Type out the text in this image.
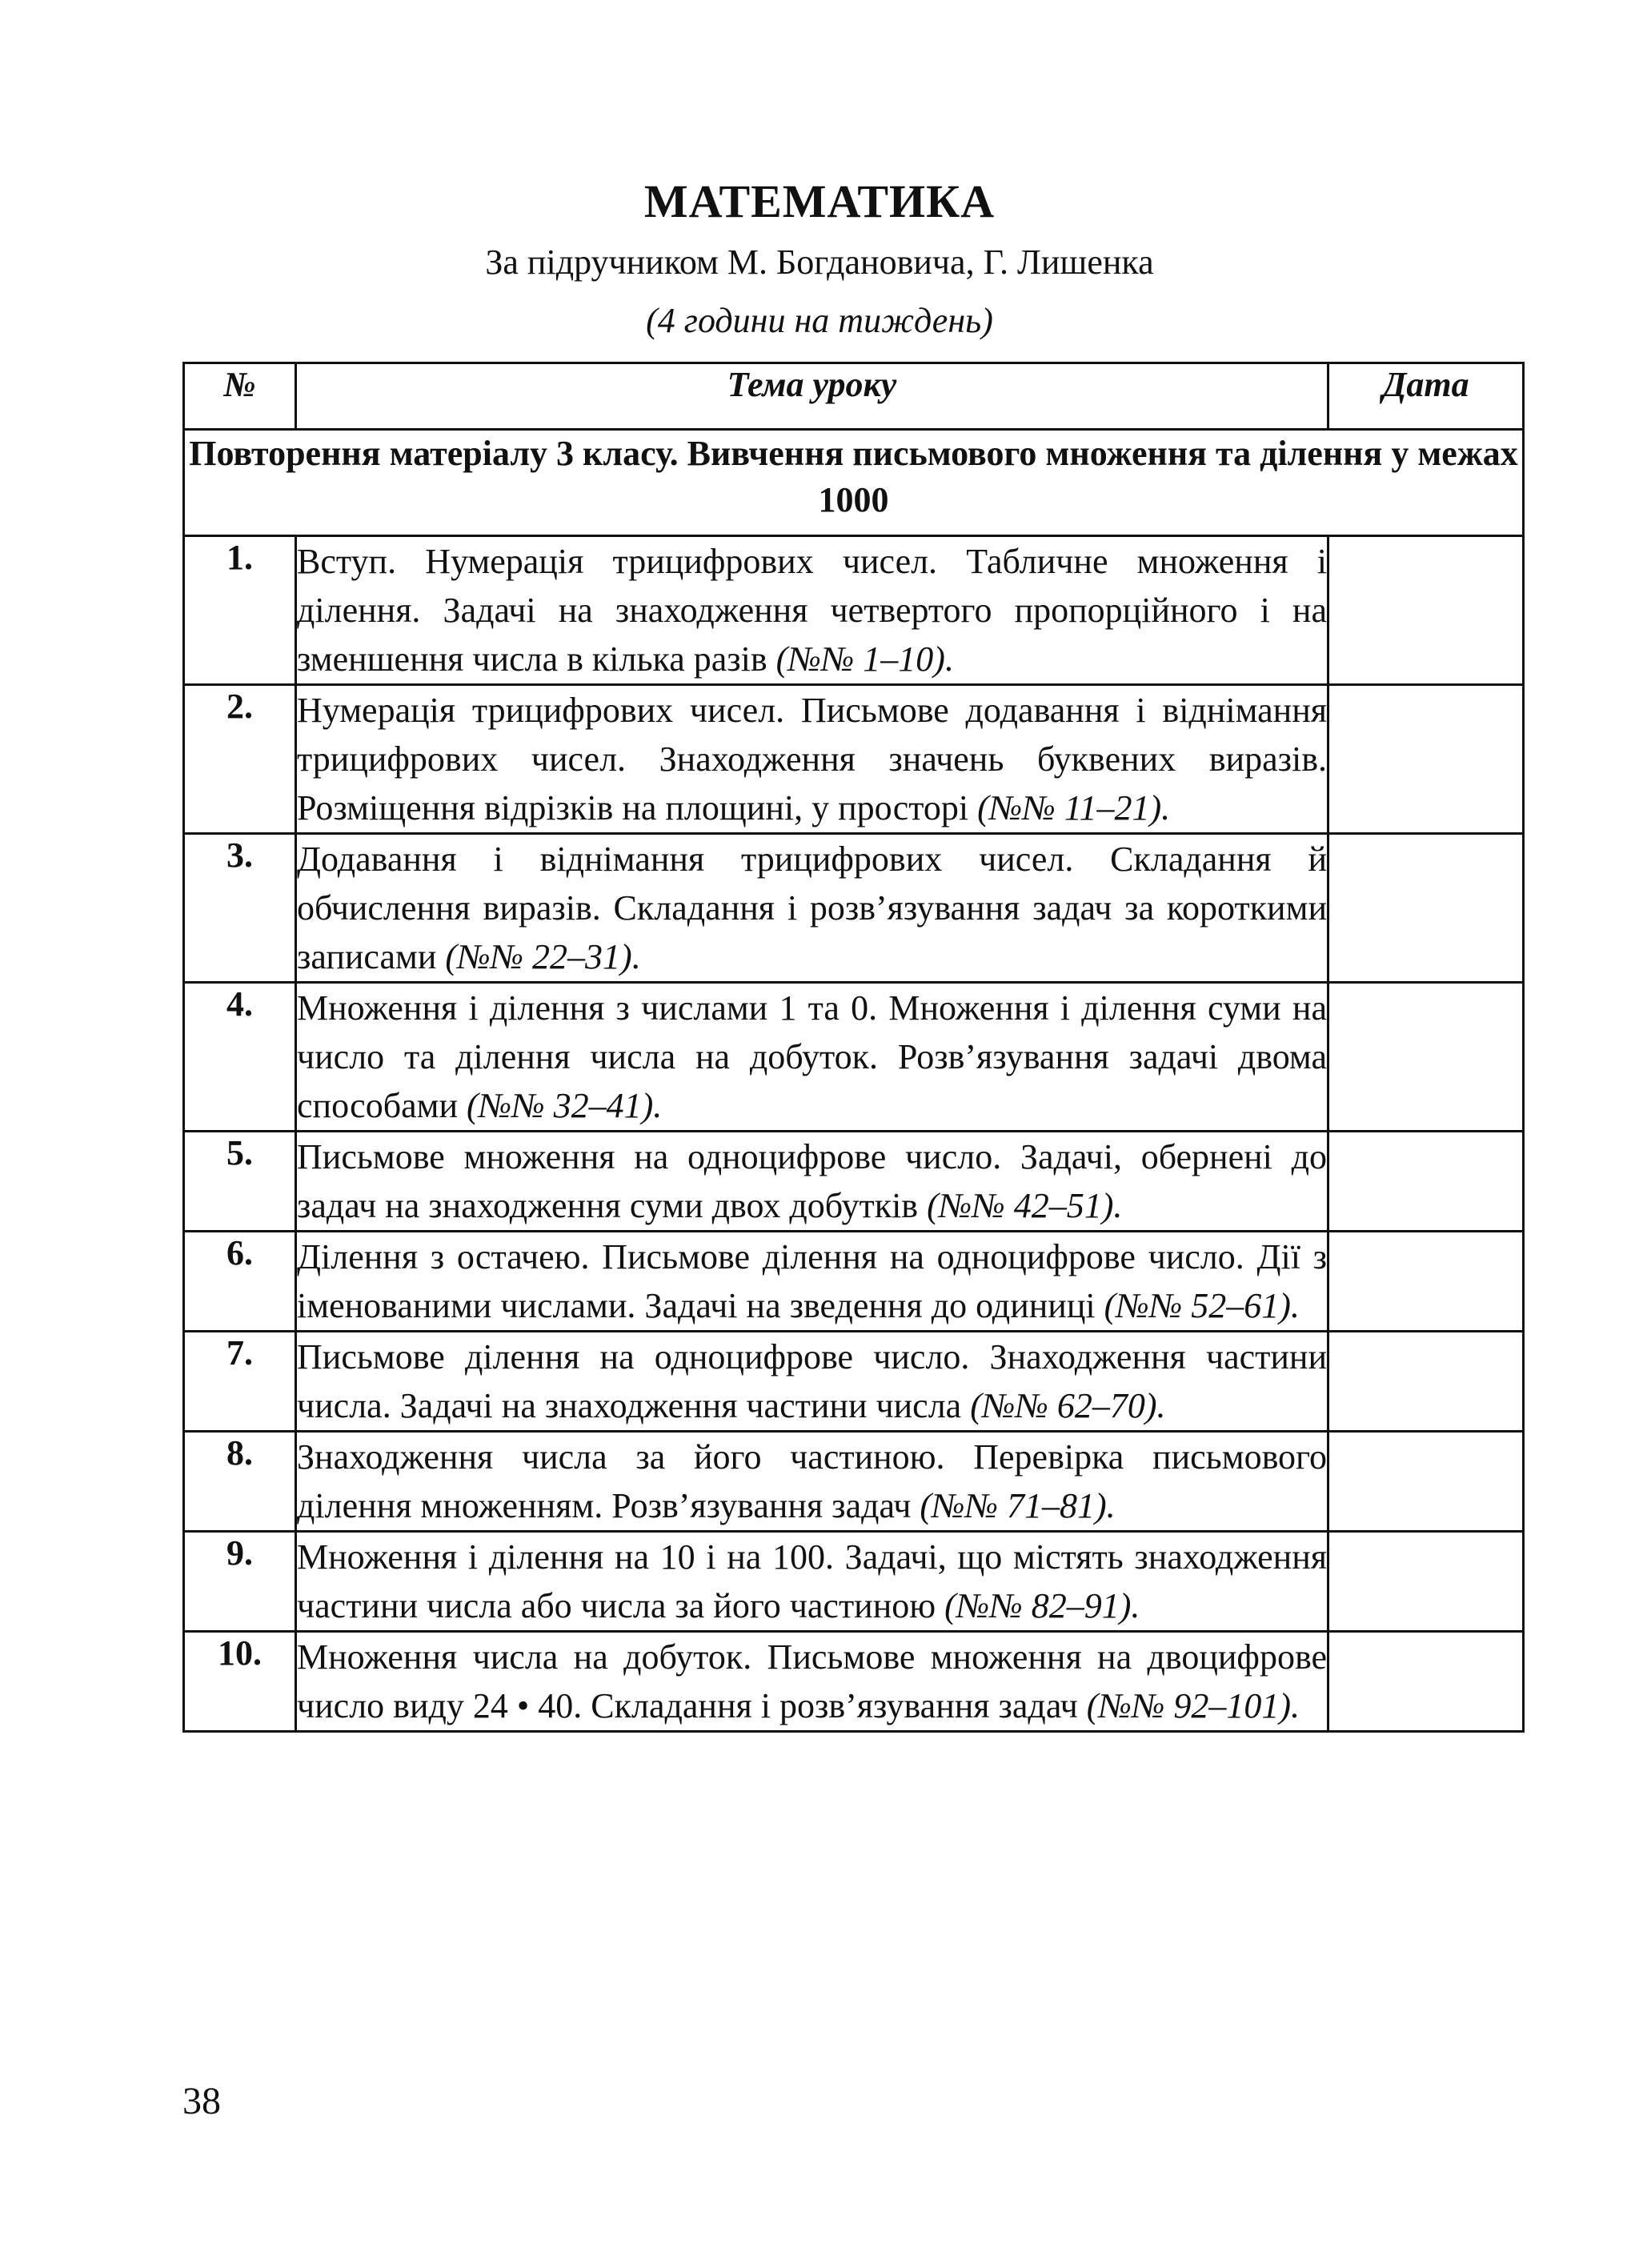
МАТЕМАТИКА

За підручником М. Богдановича, Г. Лишенка

(4 години на тиждень)

№	Тема уроку	Дата
Повторення матеріалу 3 класу. Вивчення письмового множення та ділення у межах 1000		
1.	Вступ. Нумерація трицифрових чисел. Табличне множення і ділення. Задачі на знаходження четвертого пропорційного і на зменшення числа в кілька разів (№№ 1–10).	
2.	Нумерація трицифрових чисел. Письмове додавання і віднімання трицифрових чисел. Знаходження значень буквених виразів. Розміщення відрізків на площині, у просторі (№№ 11–21).	
3.	Додавання і віднімання трицифрових чисел. Складання й обчислення виразів. Складання і розв’язування задач за короткими записами (№№ 22–31).	
4.	Множення і ділення з числами 1 та 0. Множення і ділення суми на число та ділення числа на добуток. Розв’язування задачі двома способами (№№ 32–41).	
5.	Письмове множення на одноцифрове число. Задачі, обернені до задач на знаходження суми двох добутків (№№ 42–51).	
6.	Ділення з остачею. Письмове ділення на одноцифрове число. Дії з іменованими числами. Задачі на зведення до одиниці (№№ 52–61).	
7.	Письмове ділення на одноцифрове число. Знаходження частини числа. Задачі на знаходження частини числа (№№ 62–70).	
8.	Знаходження числа за його частиною. Перевірка письмового ділення множенням. Розв’язування задач (№№ 71–81).	
9.	Множення і ділення на 10 і на 100. Задачі, що містять знаходження частини числа або числа за його частиною (№№ 82–91).	
10.	Множення числа на добуток. Письмове множення на двоцифрове число виду 24 • 40. Складання і розв’язування задач (№№ 92–101).	

38
